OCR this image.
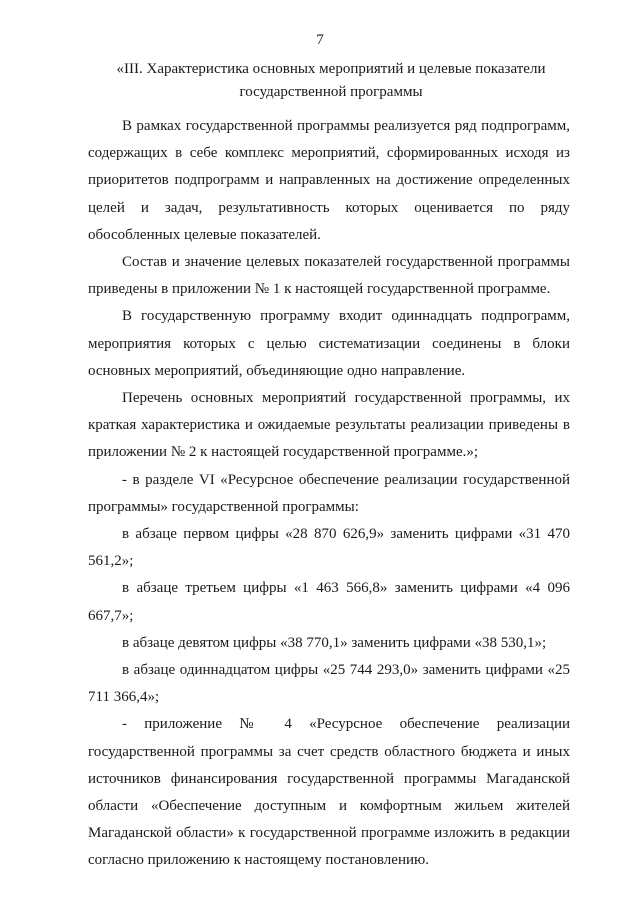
7
«III. Характеристика основных мероприятий и целевые показатели
государственной программы

В рамках государственной программы реализуется ряд подпрограмм, содержащих в себе комплекс мероприятий, сформированных исходя из приоритетов подпрограмм и направленных на достижение определенных целей и задач, результативность которых оценивается по ряду обособленных целевые показателей.

Состав и значение целевых показателей государственной программы приведены в приложении № 1 к настоящей государственной программе.

В государственную программу входит одиннадцать подпрограмм, мероприятия которых с целью систематизации соединены в блоки основных мероприятий, объединяющие одно направление.

Перечень основных мероприятий государственной программы, их краткая характеристика и ожидаемые результаты реализации приведены в приложении № 2 к настоящей государственной программе.»;

- в разделе VI «Ресурсное обеспечение реализации государственной программы» государственной программы:

в абзаце первом цифры «28 870 626,9» заменить цифрами «31 470 561,2»;

в абзаце третьем цифры «1 463 566,8» заменить цифрами «4 096 667,7»;

в абзаце девятом цифры «38 770,1» заменить цифрами «38 530,1»;

в абзаце одиннадцатом цифры «25 744 293,0» заменить цифрами «25 711 366,4»;

- приложение № 4 «Ресурсное обеспечение реализации государственной программы за счет средств областного бюджета и иных источников финансирования государственной программы Магаданской области «Обеспечение доступным и комфортным жильем жителей Магаданской области» к государственной программе изложить в редакции согласно приложению к настоящему постановлению.
